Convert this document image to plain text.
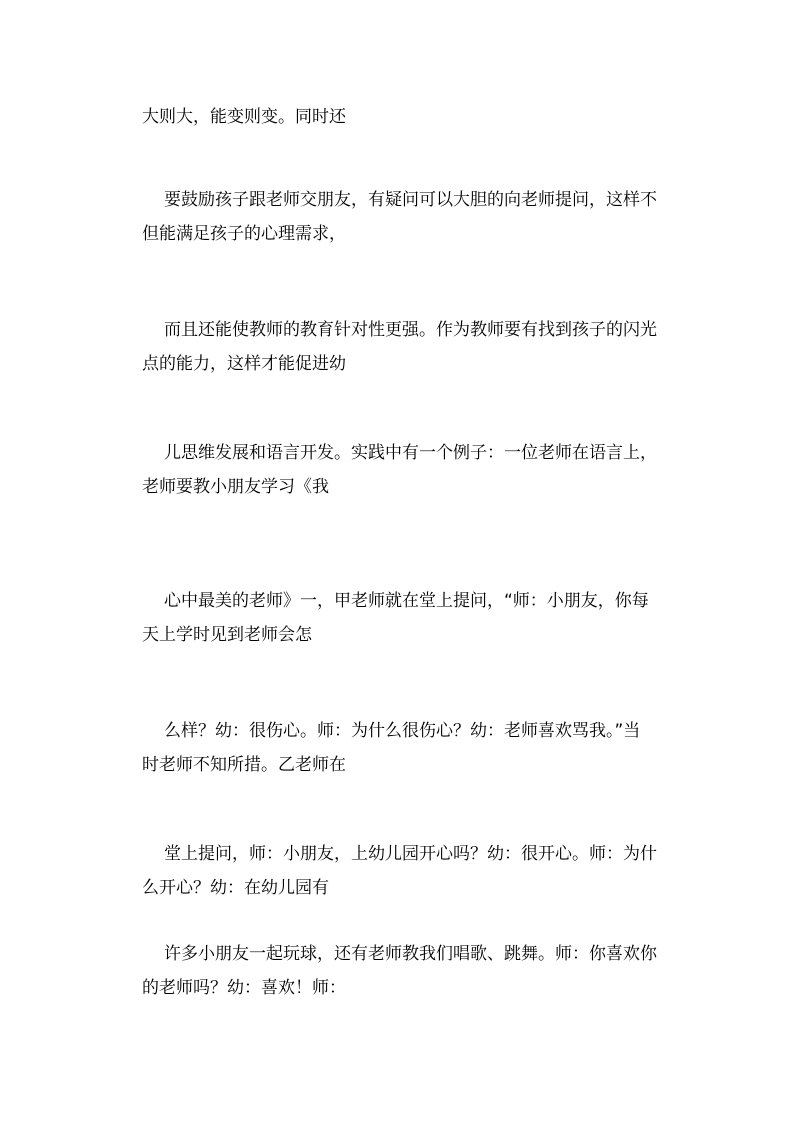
大则大，能变则变。同时还
要鼓励孩子跟老师交朋友，有疑问可以大胆的向老师提问，这样不
但能满足孩子的心理需求，
而且还能使教师的教育针对性更强。作为教师要有找到孩子的闪光
点的能力，这样才能促进幼
儿思维发展和语言开发。实践中有一个例子：一位老师在语言上，
老师要教小朋友学习《我
心中最美的老师》一，甲老师就在堂上提问，“师：小朋友，你每
天上学时见到老师会怎
么样？幼：很伤心。师：为什么很伤心？幼：老师喜欢骂我。”当
时老师不知所措。乙老师在
堂上提问，师：小朋友，上幼儿园开心吗？幼：很开心。师：为什
么开心？幼：在幼儿园有
许多小朋友一起玩球，还有老师教我们唱歌、跳舞。师：你喜欢你
的老师吗？幼：喜欢！师：
